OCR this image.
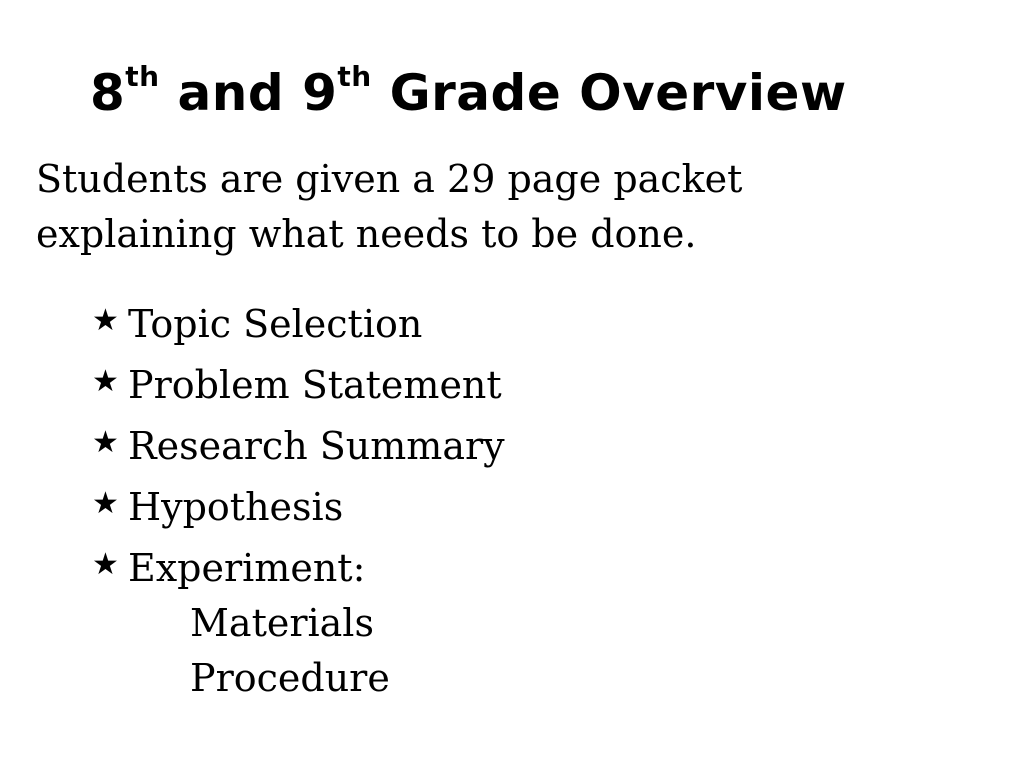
8th and 9th Grade Overview

Students are given a 29 page packet explaining what needs to be done.

★ Topic Selection
★ Problem Statement
★ Research Summary
★ Hypothesis
★ Experiment:
Materials
Procedure
